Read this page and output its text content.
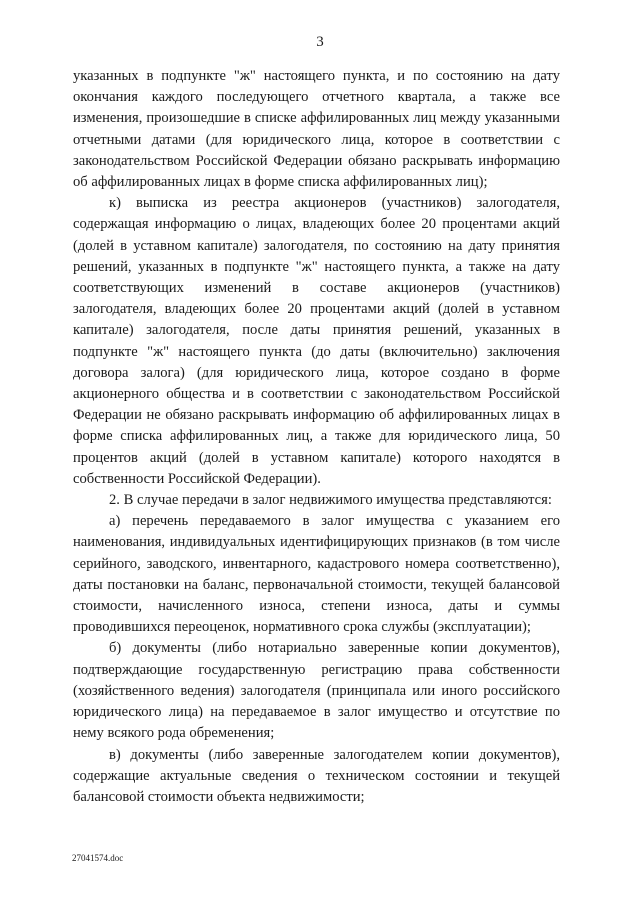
3

указанных в подпункте "ж" настоящего пункта, и по состоянию на дату окончания каждого последующего отчетного квартала, а также все изменения, произошедшие в списке аффилированных лиц между указанными отчетными датами (для юридического лица, которое в соответствии с законодательством Российской Федерации обязано раскрывать информацию об аффилированных лицах в форме списка аффилированных лиц);

к) выписка из реестра акционеров (участников) залогодателя, содержащая информацию о лицах, владеющих более 20 процентами акций (долей в уставном капитале) залогодателя, по состоянию на дату принятия решений, указанных в подпункте "ж" настоящего пункта, а также на дату соответствующих изменений в составе акционеров (участников) залогодателя, владеющих более 20 процентами акций (долей в уставном капитале) залогодателя, после даты принятия решений, указанных в подпункте "ж" настоящего пункта (до даты (включительно) заключения договора залога) (для юридического лица, которое создано в форме акционерного общества и в соответствии с законодательством Российской Федерации не обязано раскрывать информацию об аффилированных лицах в форме списка аффилированных лиц, а также для юридического лица, 50 процентов акций (долей в уставном капитале) которого находятся в собственности Российской Федерации).

2. В случае передачи в залог недвижимого имущества представляются:

а) перечень передаваемого в залог имущества с указанием его наименования, индивидуальных идентифицирующих признаков (в том числе серийного, заводского, инвентарного, кадастрового номера соответственно), даты постановки на баланс, первоначальной стоимости, текущей балансовой стоимости, начисленного износа, степени износа, даты и суммы проводившихся переоценок, нормативного срока службы (эксплуатации);

б) документы (либо нотариально заверенные копии документов), подтверждающие государственную регистрацию права собственности (хозяйственного ведения) залогодателя (принципала или иного российского юридического лица) на передаваемое в залог имущество и отсутствие по нему всякого рода обременения;

в) документы (либо заверенные залогодателем копии документов), содержащие актуальные сведения о техническом состоянии и текущей балансовой стоимости объекта недвижимости;

27041574.doc
